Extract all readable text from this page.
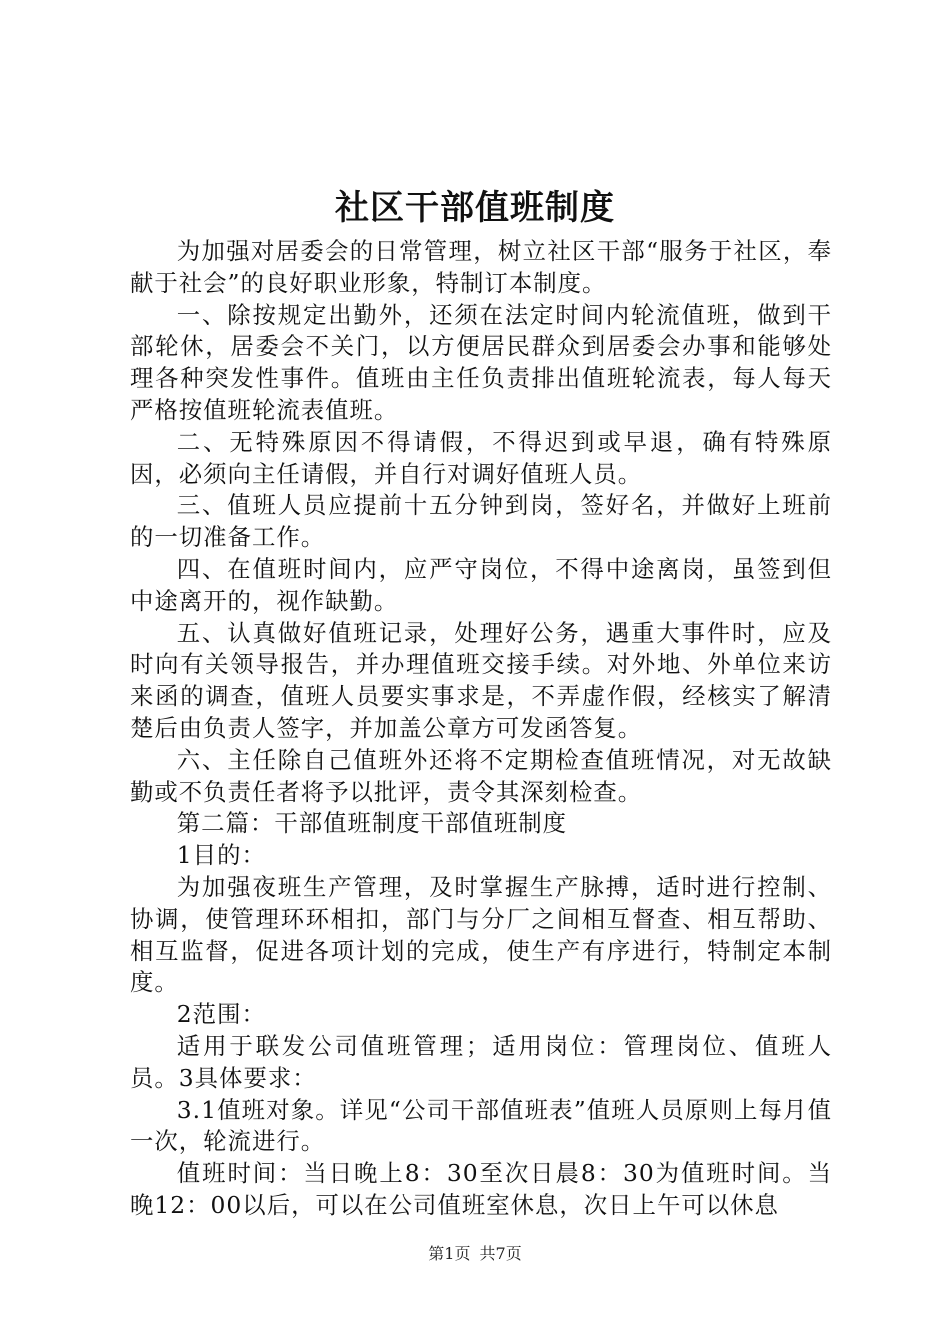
社区干部值班制度

为加强对居委会的日常管理，树立社区干部“服务于社区，奉献于社会”的良好职业形象，特制订本制度。

一、除按规定出勤外，还须在法定时间内轮流值班，做到干部轮休，居委会不关门，以方便居民群众到居委会办事和能够处理各种突发性事件。值班由主任负责排出值班轮流表，每人每天严格按值班轮流表值班。

二、无特殊原因不得请假，不得迟到或早退，确有特殊原因，必须向主任请假，并自行对调好值班人员。

三、值班人员应提前十五分钟到岗，签好名，并做好上班前的一切准备工作。

四、在值班时间内，应严守岗位，不得中途离岗，虽签到但中途离开的，视作缺勤。

五、认真做好值班记录，处理好公务，遇重大事件时，应及时向有关领导报告，并办理值班交接手续。对外地、外单位来访来函的调查，值班人员要实事求是，不弄虚作假，经核实了解清楚后由负责人签字，并加盖公章方可发函答复。

六、主任除自己值班外还将不定期检查值班情况，对无故缺勤或不负责任者将予以批评，责令其深刻检查。

第二篇：干部值班制度干部值班制度

1目的：

为加强夜班生产管理，及时掌握生产脉搏，适时进行控制、协调，使管理环环相扣，部门与分厂之间相互督查、相互帮助、相互监督，促进各项计划的完成，使生产有序进行，特制定本制度。

2范围：

适用于联发公司值班管理；适用岗位：管理岗位、值班人员。3具体要求：

3.1值班对象。详见“公司干部值班表”值班人员原则上每月值一次，轮流进行。

值班时间：当日晚上8：30至次日晨8：30为值班时间。当晚12：00以后，可以在公司值班室休息，次日上午可以休息

第1页 共7页
